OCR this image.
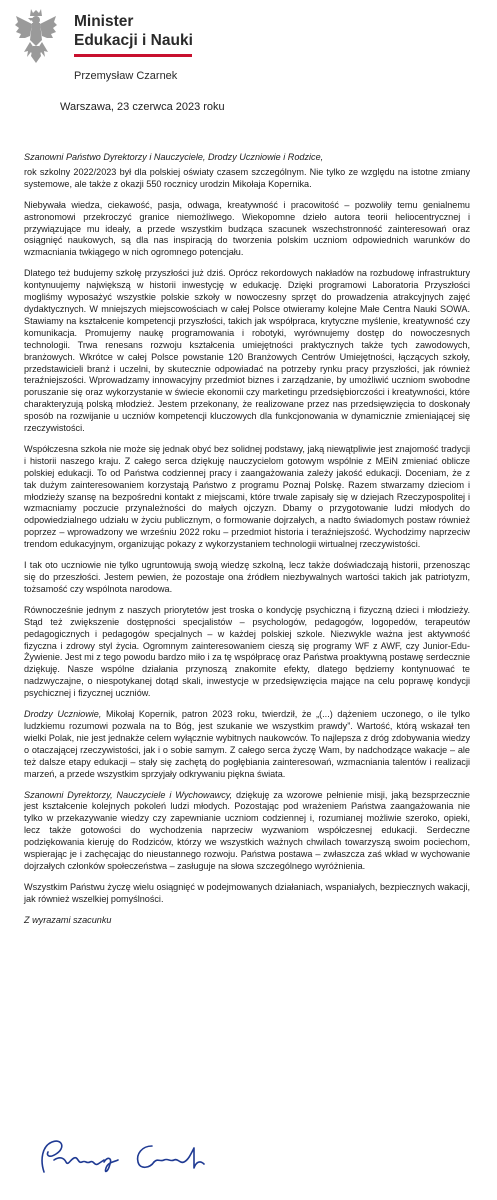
Minister
Edukacji i Nauki
Przemysław Czarnek
Warszawa, 23 czerwca 2023 roku

Szanowni Państwo Dyrektorzy i Nauczyciele, Drodzy Uczniowie i Rodzice,

rok szkolny 2022/2023 był dla polskiej oświaty czasem szczególnym. Nie tylko ze względu na istotne zmiany systemowe, ale także z okazji 550 rocznicy urodzin Mikołaja Kopernika.

Niebywała wiedza, ciekawość, pasja, odwaga, kreatywność i pracowitość – pozwoliły temu genialnemu astronomowi przekroczyć granice niemożliwego. Wiekopomne dzieło autora teorii heliocentrycznej i przywiązujące mu ideały, a przede wszystkim budząca szacunek wszechstronność zainteresowań oraz osiągnięć naukowych, są dla nas inspiracją do tworzenia polskim uczniom odpowiednich warunków do wzmacniania twkiągego w nich ogromnego potencjału.

Dlatego też budujemy szkołę przyszłości już dziś. Oprócz rekordowych nakładów na rozbudowę infrastruktury kontynuujemy największą w historii inwestycję w edukację. Dzięki programowi Laboratoria Przyszłości mogliśmy wyposażyć wszystkie polskie szkoły w nowoczesny sprzęt do prowadzenia atrakcyjnych zajęć dydaktycznych. W mniejszych miejscowościach w całej Polsce otwieramy kolejne Małe Centra Nauki SOWA. Stawiamy na kształcenie kompetencji przyszłości, takich jak współpraca, krytyczne myślenie, kreatywność czy komunikacja. Promujemy naukę programowania i robotyki, wyrównujemy dostęp do nowoczesnych technologii. Trwa renesans rozwoju kształcenia umiejętności praktycznych także tych zawodowych, branżowych. Wkrótce w całej Polsce powstanie 120 Branżowych Centrów Umiejętności, łączących szkoły, przedstawicieli branż i uczelni, by skutecznie odpowiadać na potrzeby rynku pracy przyszłości, jak również teraźniejszości. Wprowadzamy innowacyjny przedmiot biznes i zarządzanie, by umożliwić uczniom swobodne poruszanie się oraz wykorzystanie w świecie ekonomii czy marketingu przedsiębiorczości i kreatywności, które charakteryzują polską młodzież. Jestem przekonany, że realizowane przez nas przedsięwzięcia to doskonały sposób na rozwijanie u uczniów kompetencji kluczowych dla funkcjonowania w dynamicznie zmieniającej się rzeczywistości.

Współczesna szkoła nie może się jednak obyć bez solidnej podstawy, jaką niewątpliwie jest znajomość tradycji i historii naszego kraju. Z całego serca dziękuję nauczycielom gotowym wspólnie z MEiN zmieniać oblicze polskiej edukacji. To od Państwa codziennej pracy i zaangażowania zależy jakość edukacji. Doceniam, że z tak dużym zainteresowaniem korzystają Państwo z programu Poznaj Polskę. Razem stwarzamy dzieciom i młodzieży szansę na bezpośredni kontakt z miejscami, które trwale zapisały się w dziejach Rzeczypospolitej i wzmacniamy poczucie przynależności do małych ojczyzn. Dbamy o przygotowanie ludzi młodych do odpowiedzialnego udziału w życiu publicznym, o formowanie dojrzałych, a nadto świadomych postaw również poprzez – wprowadzony we wrześniu 2022 roku – przedmiot historia i teraźniejszość. Wychodzimy naprzeciw trendom edukacyjnym, organizując pokazy z wykorzystaniem technologii wirtualnej rzeczywistości.

I tak oto uczniowie nie tylko ugruntowują swoją wiedzę szkolną, lecz także doświadczają historii, przenosząc się do przeszłości. Jestem pewien, że pozostaje ona źródłem niezbywalnych wartości takich jak patriotyzm, tożsamość czy wspólnota narodowa.

Równocześnie jednym z naszych priorytetów jest troska o kondycję psychiczną i fizyczną dzieci i młodzieży. Stąd też zwiększenie dostępności specjalistów – psychologów, pedagogów, logopedów, terapeutów pedagogicznych i pedagogów specjalnych – w każdej polskiej szkole. Niezwykle ważna jest aktywność fizyczna i zdrowy styl życia. Ogromnym zainteresowaniem cieszą się programy WF z AWF, czy Junior-Edu-Żywienie. Jest mi z tego powodu bardzo miło i za tę współpracę oraz Państwa proaktywną postawę serdecznie dziękuję. Nasze wspólne działania przynoszą znakomite efekty, dlatego będziemy kontynuować te nadzwyczajne, o niespotykanej dotąd skali, inwestycje w przedsięwzięcia mające na celu poprawę kondycji psychicznej i fizycznej uczniów.

Drodzy Uczniowie, Mikołaj Kopernik, patron 2023 roku, twierdził, że „(...) dążeniem uczonego, o ile tylko ludzkiemu rozumowi pozwala na to Bóg, jest szukanie we wszystkim prawdy”. Wartość, którą wskazał ten wielki Polak, nie jest jednakże celem wyłącznie wybitnych naukowców. To najlepsza z dróg zdobywania wiedzy o otaczającej rzeczywistości, jak i o sobie samym. Z całego serca życzę Wam, by nadchodzące wakacje – ale też dalsze etapy edukacji – stały się zachętą do pogłębiania zainteresowań, wzmacniania talentów i realizacji marzeń, a przede wszystkim sprzyjały odkrywaniu piękna świata.

Szanowni Dyrektorzy, Nauczyciele i Wychowawcy, dziękuję za wzorowe pełnienie misji, jaką bezsprzecznie jest kształcenie kolejnych pokoleń ludzi młodych. Pozostając pod wrażeniem Państwa zaangażowania nie tylko w przekazywanie wiedzy czy zapewnianie uczniom codziennej i, rozumianej możliwie szeroko, opieki, lecz także gotowości do wychodzenia naprzeciw wyzwaniom współczesnej edukacji. Serdeczne podziękowania kieruję do Rodziców, którzy we wszystkich ważnych chwilach towarzyszą swoim pociechom, wspierając je i zachęcając do nieustannego rozwoju. Państwa postawa – zwłaszcza zaś wkład w wychowanie dojrzałych członków społeczeństwa – zasługuje na słowa szczególnego wyróżnienia.

Wszystkim Państwu życzę wielu osiągnięć w podejmowanych działaniach, wspaniałych, bezpiecznych wakacji, jak również wszelkiej pomyślności.

Z wyrazami szacunku
